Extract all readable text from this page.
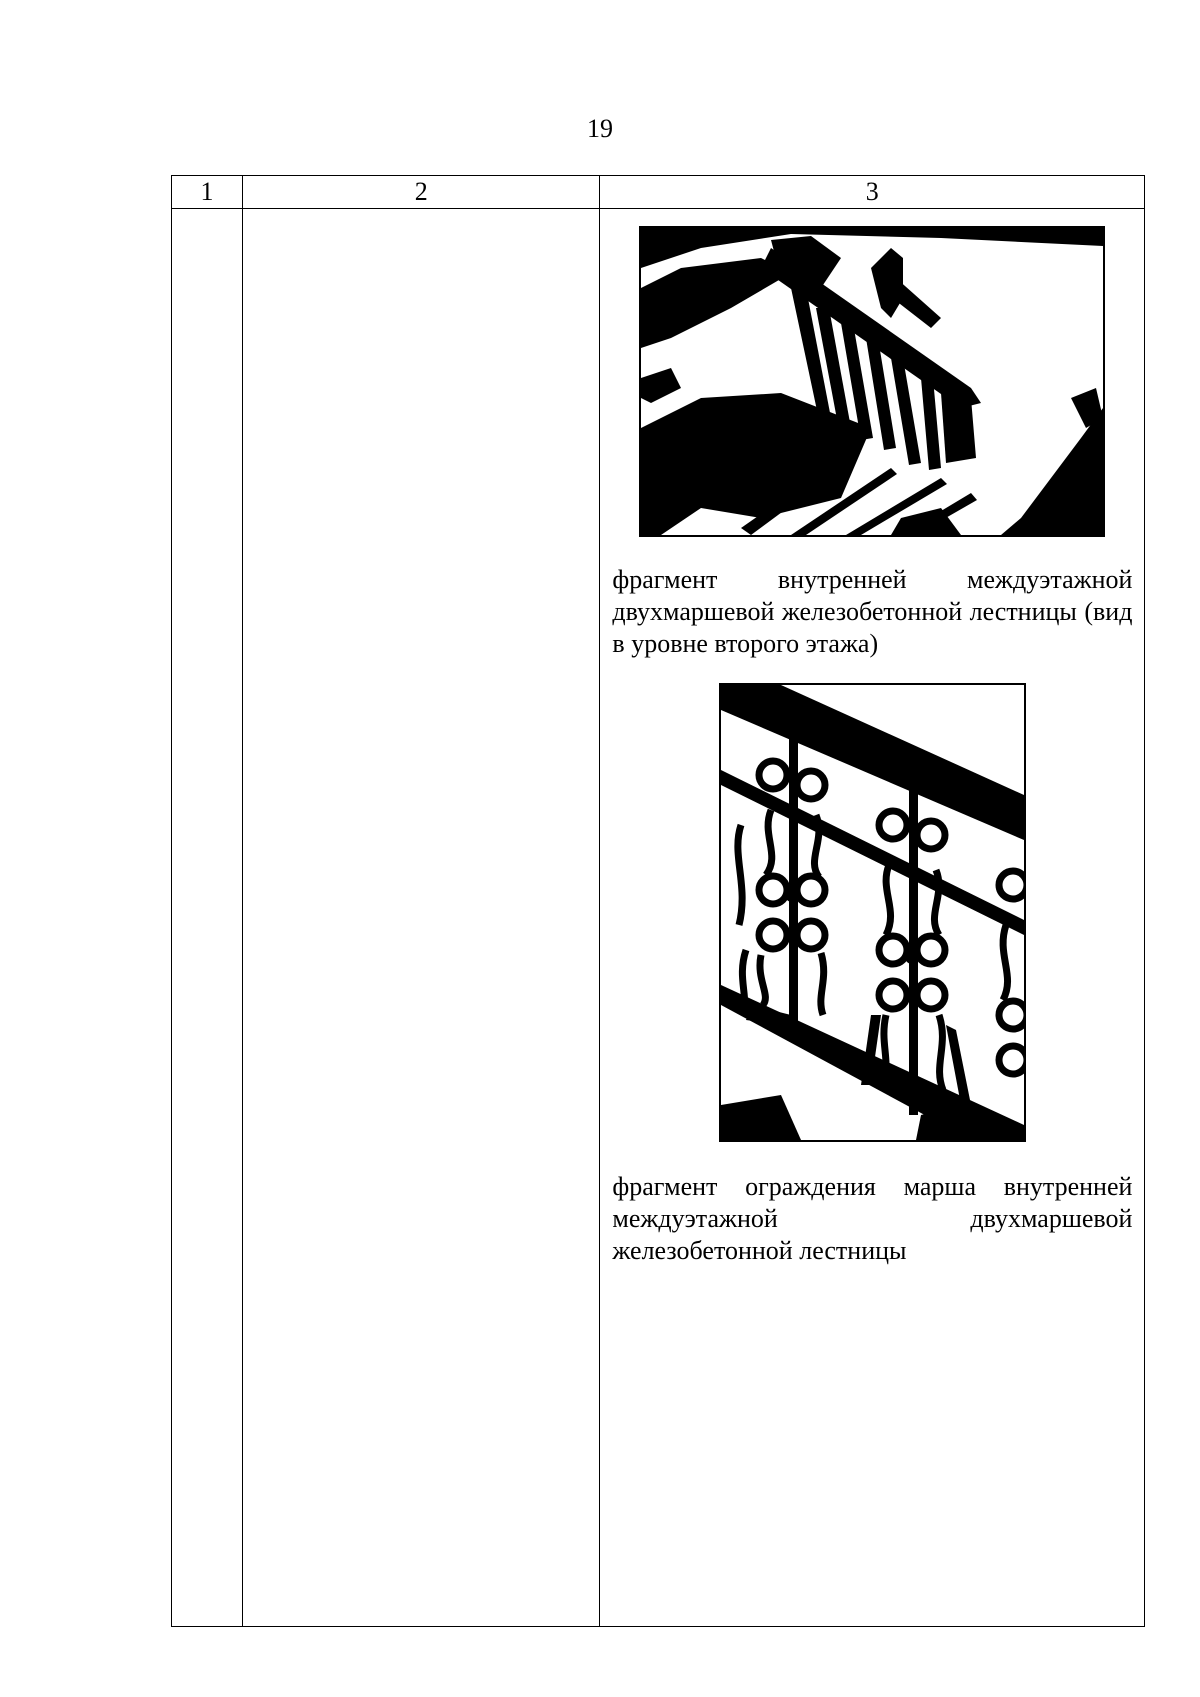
19
1	2	3

		фрагмент внутренней междуэтажной двухмаршевой железобетонной лестницы (вид в уровне второго этажа)

фрагмент ограждения марша внутренней междуэтажной двухмаршевой железобетонной лестницы
